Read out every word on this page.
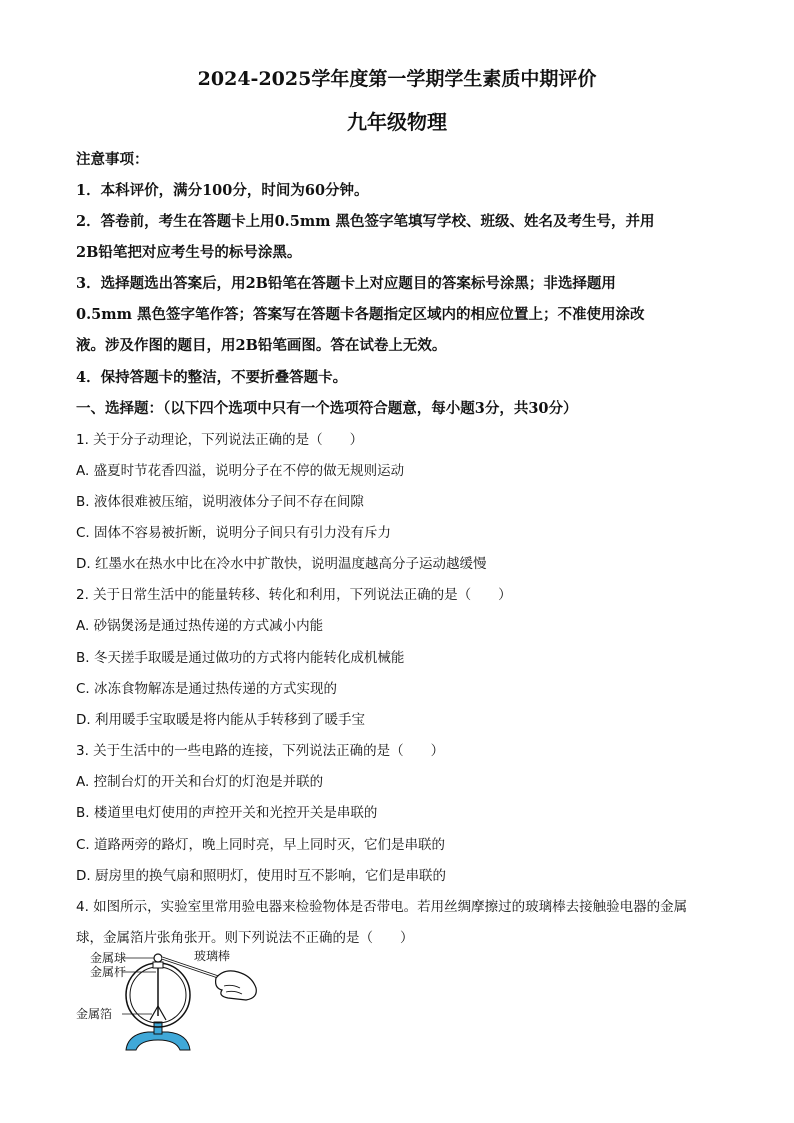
2024-2025学年度第一学期学生素质中期评价
九年级物理
注意事项：
1．本科评价，满分100分，时间为60分钟。
2．答卷前，考生在答题卡上用0.5mm 黑色签字笔填写学校、班级、姓名及考生号，并用
2B铅笔把对应考生号的标号涂黑。
3．选择题选出答案后，用2B铅笔在答题卡上对应题目的答案标号涂黑；非选择题用
0.5mm 黑色签字笔作答；答案写在答题卡各题指定区域内的相应位置上；不准使用涂改
液。涉及作图的题目，用2B铅笔画图。答在试卷上无效。
4．保持答题卡的整洁，不要折叠答题卡。
一、选择题：（以下四个选项中只有一个选项符合题意，每小题3分，共30分）
1. 关于分子动理论，下列说法正确的是（　　）
A. 盛夏时节花香四溢，说明分子在不停的做无规则运动
B. 液体很难被压缩，说明液体分子间不存在间隙
C. 固体不容易被折断，说明分子间只有引力没有斥力
D. 红墨水在热水中比在冷水中扩散快，说明温度越高分子运动越缓慢
2. 关于日常生活中的能量转移、转化和利用，下列说法正确的是（　　）
A. 砂锅煲汤是通过热传递的方式减小内能
B. 冬天搓手取暖是通过做功的方式将内能转化成机械能
C. 冰冻食物解冻是通过热传递的方式实现的
D. 利用暖手宝取暖是将内能从手转移到了暖手宝
3. 关于生活中的一些电路的连接，下列说法正确的是（　　）
A. 控制台灯的开关和台灯的灯泡是并联的
B. 楼道里电灯使用的声控开关和光控开关是串联的
C. 道路两旁的路灯，晚上同时亮，早上同时灭，它们是串联的
D. 厨房里的换气扇和照明灯，使用时互不影响，它们是串联的
4. 如图所示，实验室里常用验电器来检验物体是否带电。若用丝绸摩擦过的玻璃棒去接触验电器的金属
球，金属箔片张角张开。则下列说法不正确的是（　　）
金属球
金属杆
金属箔
玻璃棒
